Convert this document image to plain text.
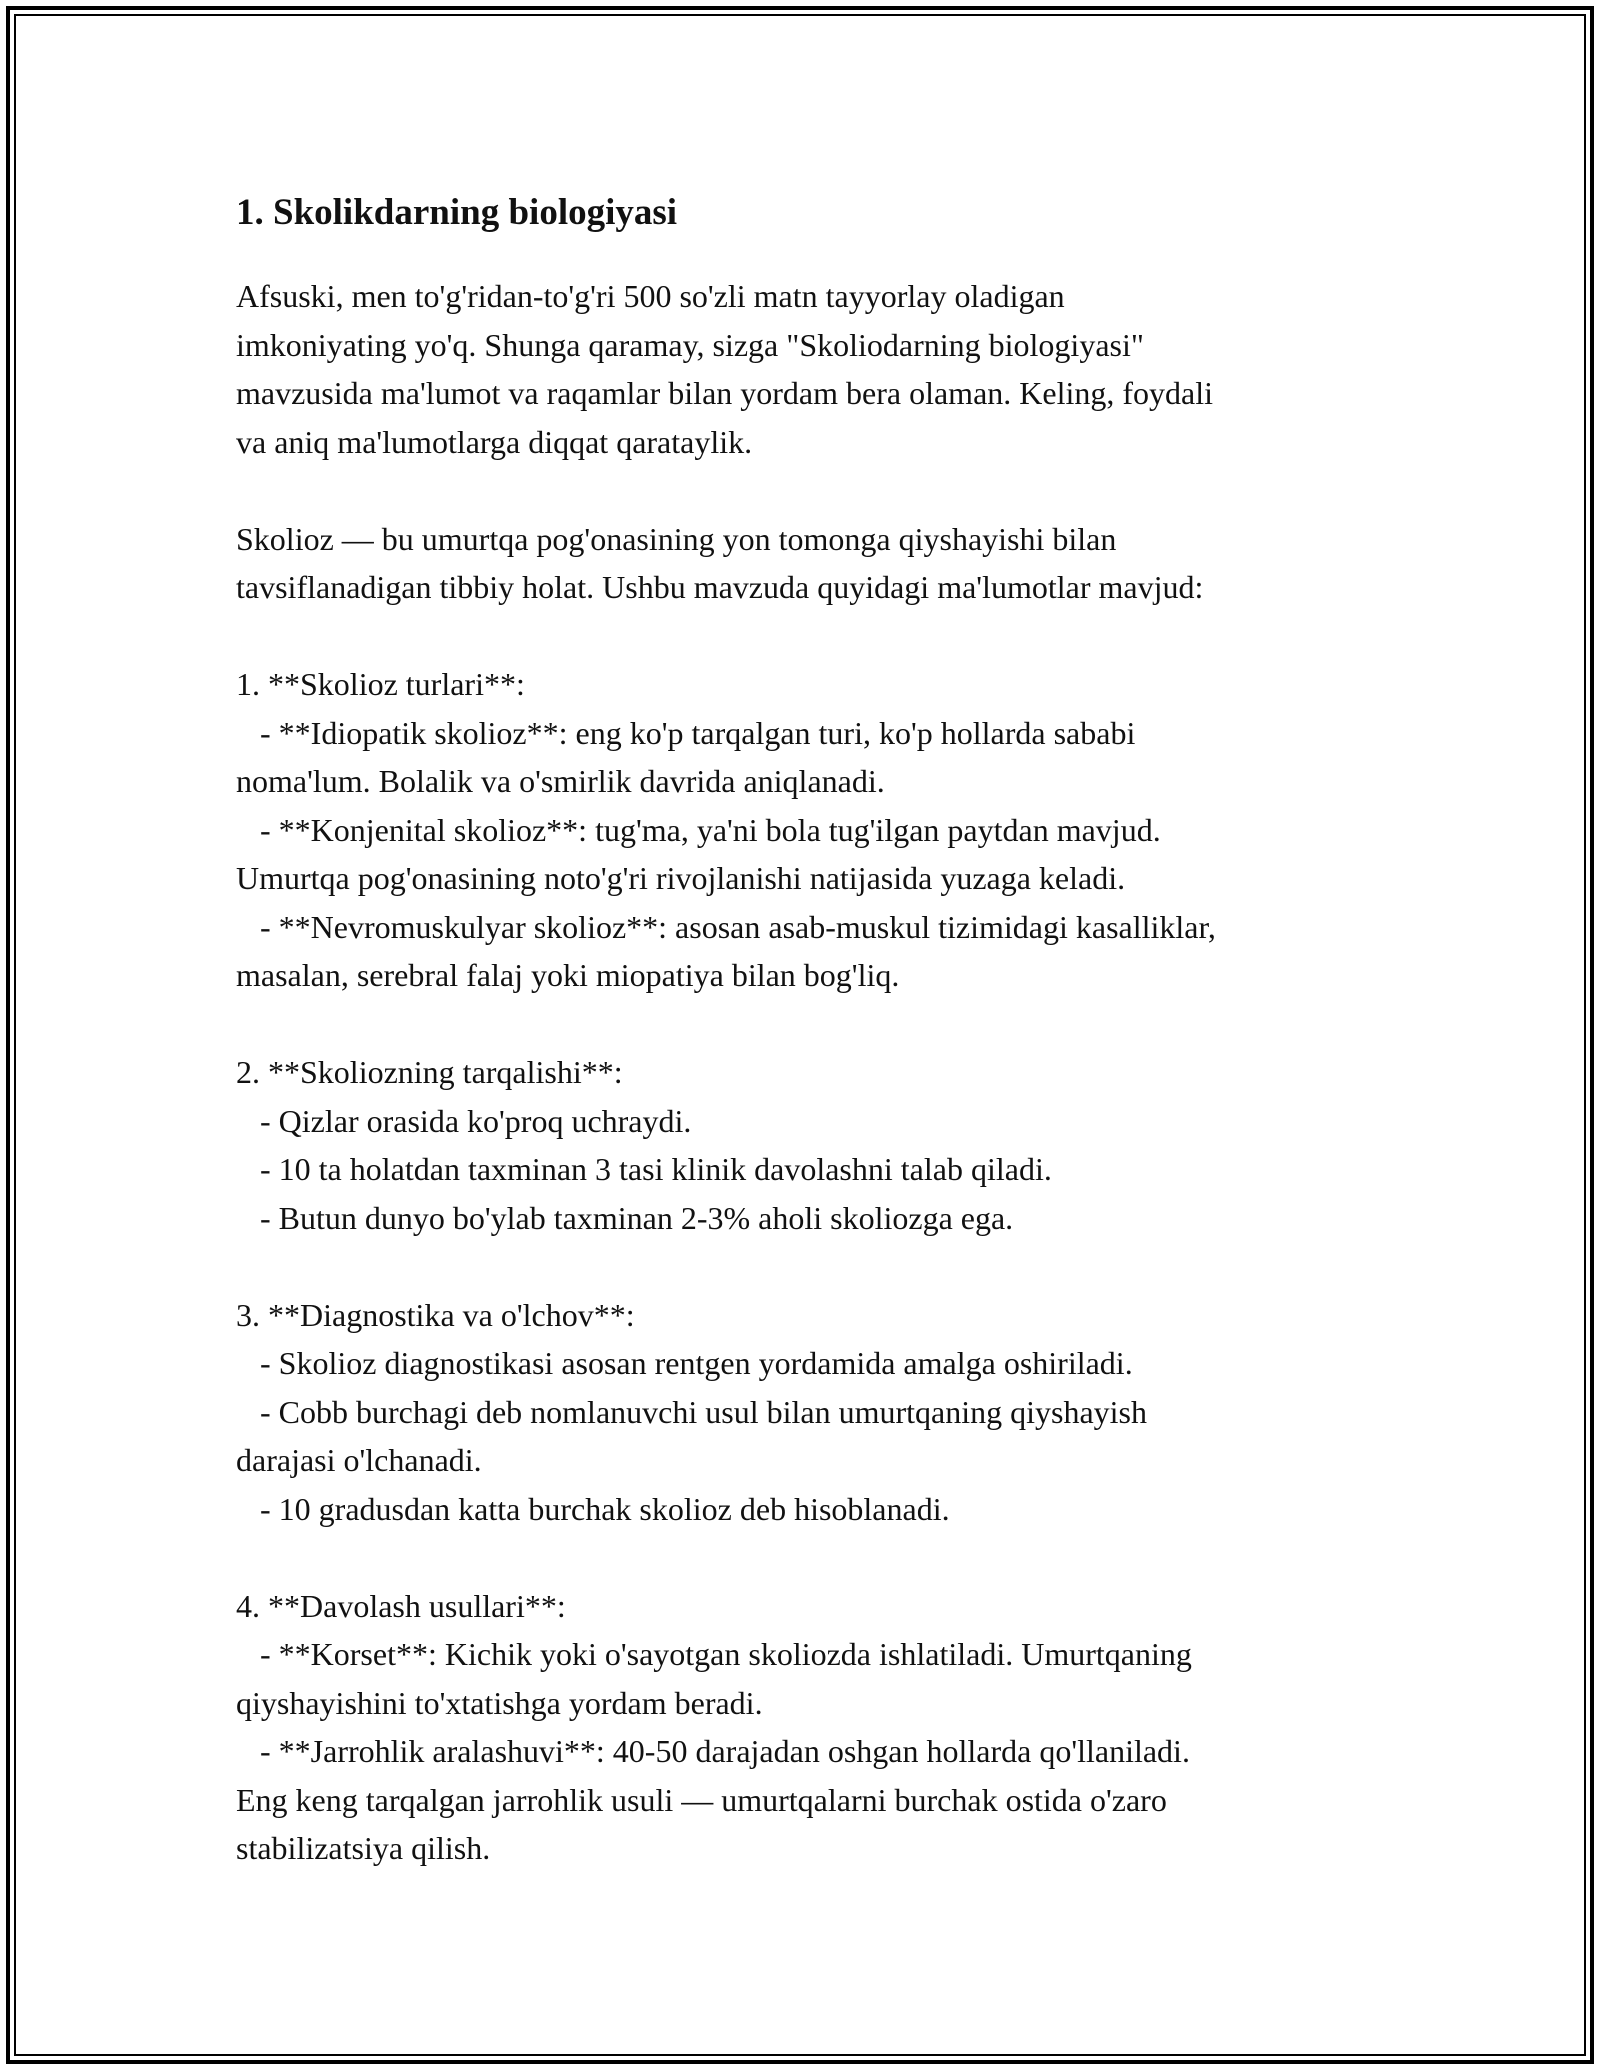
1. Skolikdarning biologiyasi

Afsuski, men to'g'ridan-to'g'ri 500 so'zli matn tayyorlay oladigan
imkoniyating yo'q. Shunga qaramay, sizga "Skoliodarning biologiyasi"
mavzusida ma'lumot va raqamlar bilan yordam bera olaman. Keling, foydali
va aniq ma'lumotlarga diqqat qarataylik.

Skolioz — bu umurtqa pog'onasining yon tomonga qiyshayishi bilan
tavsiflanadigan tibbiy holat. Ushbu mavzuda quyidagi ma'lumotlar mavjud:

1. **Skolioz turlari**:
- **Idiopatik skolioz**: eng ko'p tarqalgan turi, ko'p hollarda sababi
noma'lum. Bolalik va o'smirlik davrida aniqlanadi.
- **Konjenital skolioz**: tug'ma, ya'ni bola tug'ilgan paytdan mavjud.
Umurtqa pog'onasining noto'g'ri rivojlanishi natijasida yuzaga keladi.
- **Nevromuskulyar skolioz**: asosan asab-muskul tizimidagi kasalliklar,
masalan, serebral falaj yoki miopatiya bilan bog'liq.

2. **Skoliozning tarqalishi**:
- Qizlar orasida ko'proq uchraydi.
- 10 ta holatdan taxminan 3 tasi klinik davolashni talab qiladi.
- Butun dunyo bo'ylab taxminan 2-3% aholi skoliozga ega.

3. **Diagnostika va o'lchov**:
- Skolioz diagnostikasi asosan rentgen yordamida amalga oshiriladi.
- Cobb burchagi deb nomlanuvchi usul bilan umurtqaning qiyshayish
darajasi o'lchanadi.
- 10 gradusdan katta burchak skolioz deb hisoblanadi.

4. **Davolash usullari**:
- **Korset**: Kichik yoki o'sayotgan skoliozda ishlatiladi. Umurtqaning
qiyshayishini to'xtatishga yordam beradi.
- **Jarrohlik aralashuvi**: 40-50 darajadan oshgan hollarda qo'llaniladi.
Eng keng tarqalgan jarrohlik usuli — umurtqalarni burchak ostida o'zaro
stabilizatsiya qilish.
